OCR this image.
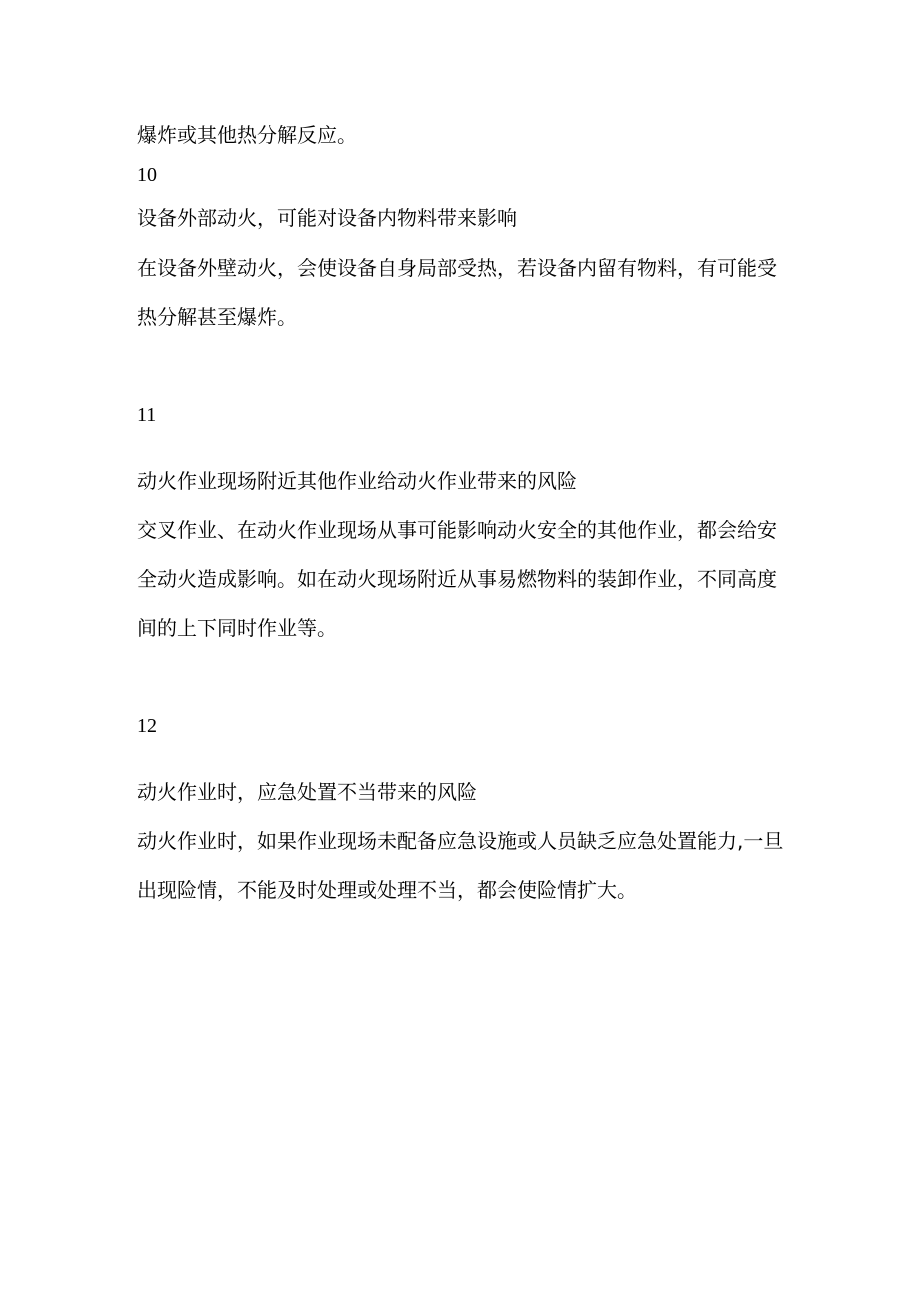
爆炸或其他热分解反应。
10
设备外部动火，可能对设备内物料带来影响
在设备外壁动火，会使设备自身局部受热，若设备内留有物料，有可能受
热分解甚至爆炸。
11
动火作业现场附近其他作业给动火作业带来的风险
交叉作业、在动火作业现场从事可能影响动火安全的其他作业，都会给安
全动火造成影响。如在动火现场附近从事易燃物料的装卸作业，不同高度
间的上下同时作业等。
12
动火作业时，应急处置不当带来的风险
动火作业时，如果作业现场未配备应急设施或人员缺乏应急处置能力,一旦
出现险情，不能及时处理或处理不当，都会使险情扩大。
